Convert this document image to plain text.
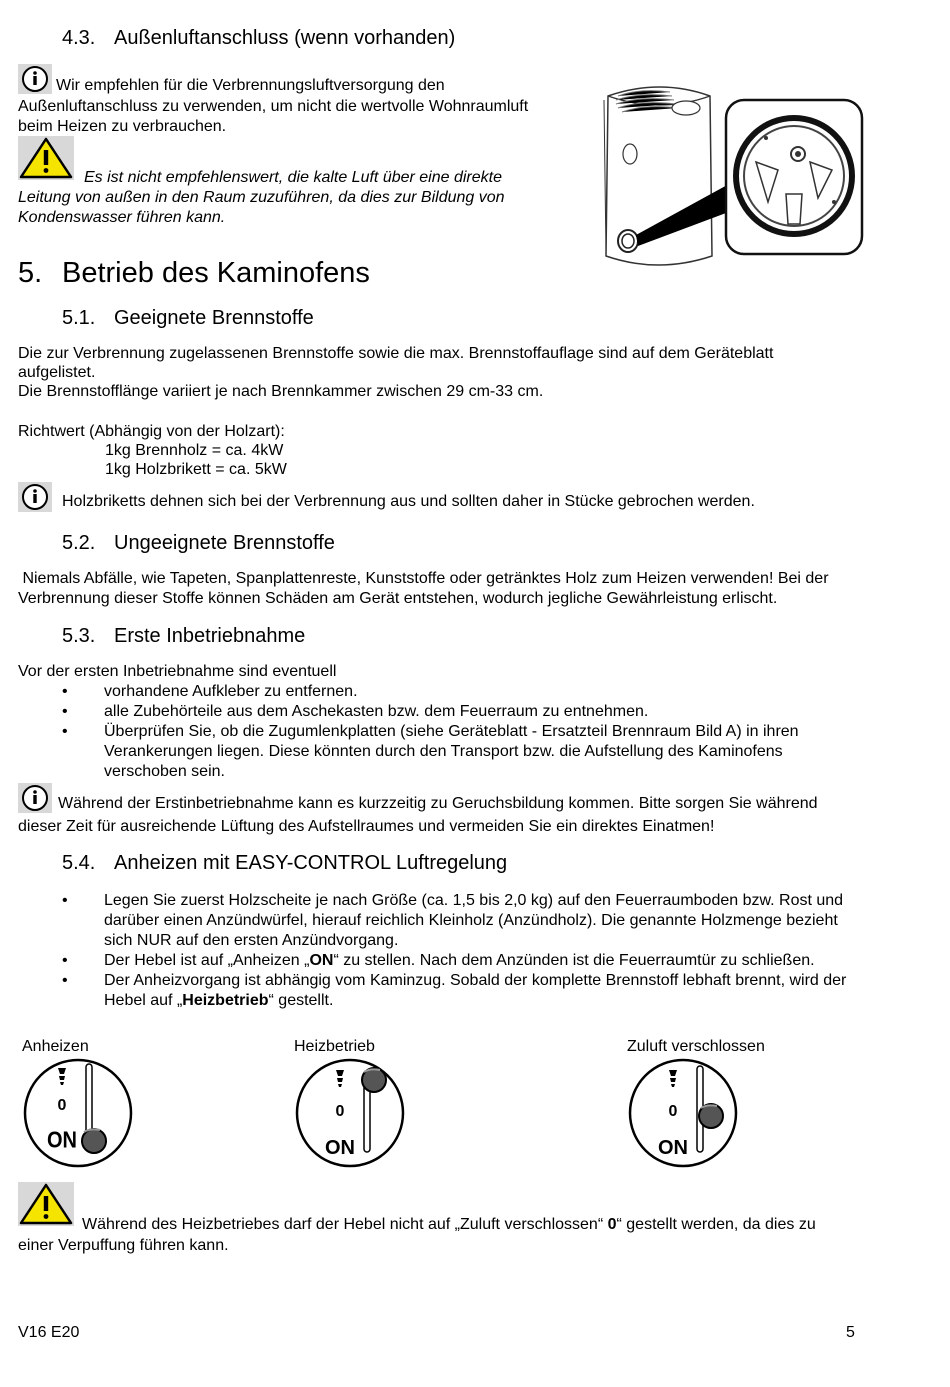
4.3. Außenluftanschluss (wenn vorhanden)

Wir empfehlen für die Verbrennungsluftversorgung den

Außenluftanschluss zu verwenden, um nicht die wertvolle Wohnraumluft

beim Heizen zu verbrauchen.

Es ist nicht empfehlenswert, die kalte Luft über eine direkte

Leitung von außen in den Raum zuzuführen, da dies zur Bildung von

Kondenswasser führen kann.

5. Betrieb des Kaminofens
5.1. Geeignete Brennstoffe

Die zur Verbrennung zugelassenen Brennstoffe sowie die max. Brennstoffauflage sind auf dem Geräteblatt

aufgelistet.

Die Brennstofflänge variiert je nach Brennkammer zwischen 29 cm-33 cm.

Richtwert (Abhängig von der Holzart):

1kg Brennholz = ca. 4kW

1kg Holzbrikett = ca. 5kW

Holzbriketts dehnen sich bei der Verbrennung aus und sollten daher in Stücke gebrochen werden.

5.2. Ungeeignete Brennstoffe

Niemals Abfälle, wie Tapeten, Spanplattenreste, Kunststoffe oder getränktes Holz zum Heizen verwenden! Bei der

Verbrennung dieser Stoffe können Schäden am Gerät entstehen, wodurch jegliche Gewährleistung erlischt.

5.3. Erste Inbetriebnahme

Vor der ersten Inbetriebnahme sind eventuell

• vorhandene Aufkleber zu entfernen.
• alle Zubehörteile aus dem Aschekasten bzw. dem Feuerraum zu entnehmen.
• Überprüfen Sie, ob die Zugumlenkplatten (siehe Geräteblatt - Ersatzteil Brennraum Bild A) in ihren
Verankerungen liegen. Diese könnten durch den Transport bzw. die Aufstellung des Kaminofens
verschoben sein.

Während der Erstinbetriebnahme kann es kurzzeitig zu Geruchsbildung kommen. Bitte sorgen Sie während

dieser Zeit für ausreichende Lüftung des Aufstellraumes und vermeiden Sie ein direktes Einatmen!

5.4. Anheizen mit EASY-CONTROL Luftregelung
• Legen Sie zuerst Holzscheite je nach Größe (ca. 1,5 bis 2,0 kg) auf den Feuerraumboden bzw. Rost und
darüber einen Anzündwürfel, hierauf reichlich Kleinholz (Anzündholz). Die genannte Holzmenge bezieht
sich NUR auf den ersten Anzündvorgang.
• Der Hebel ist auf „Anheizen „ON“ zu stellen. Nach dem Anzünden ist die Feuerraumtür zu schließen.
• Der Anheizvorgang ist abhängig vom Kaminzug. Sobald der komplette Brennstoff lebhaft brennt, wird der
Hebel auf „Heizbetrieb“ gestellt.
Anheizen	Heizbetrieb	Zuluft verschlossen
0
ON
0
ON
0
ON

Während des Heizbetriebes darf der Hebel nicht auf „Zuluft verschlossen“ 0“ gestellt werden, da dies zu

einer Verpuffung führen kann.

V16 E20	5
